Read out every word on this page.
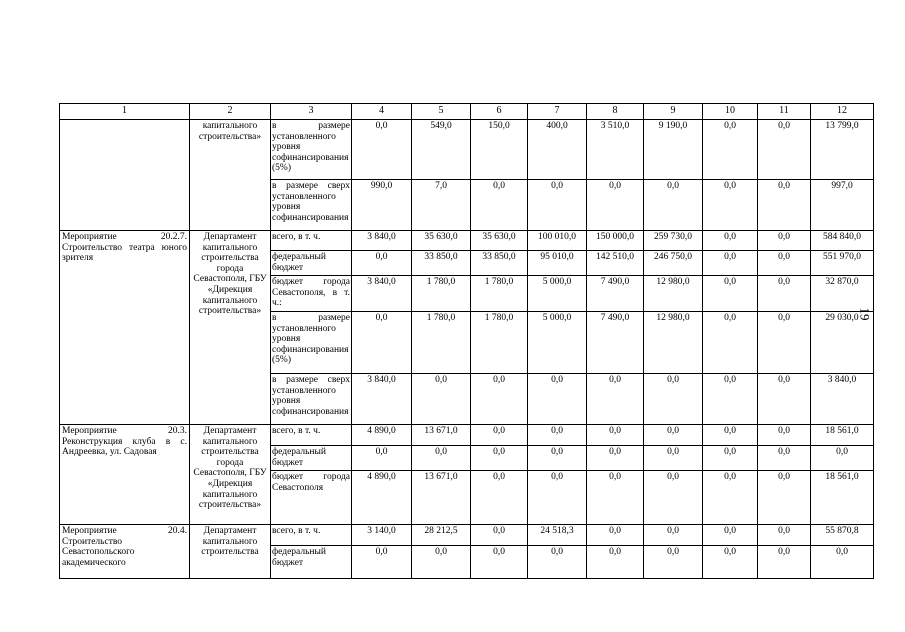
1	2	3	4	5	6	7	8	9	10	11	12
	капитального строительства»	в размере установленного уровня софинансирования (5%)	0,0	549,0	150,0	400,0	3 510,0	9 190,0	0,0	0,0	13 799,0
		в размере сверх установленного уровня софинансирования	990,0	7,0	0,0	0,0	0,0	0,0	0,0	0,0	997,0
Мероприятие 20.2.7. Строительство театра юного зрителя	Департамент капитального строительства города Севастополя, ГБУ «Дирекция капитального строительства»	всего, в т. ч.	3 840,0	35 630,0	35 630,0	100 010,0	150 000,0	259 730,0	0,0	0,0	584 840,0
		федеральный бюджет	0,0	33 850,0	33 850,0	95 010,0	142 510,0	246 750,0	0,0	0,0	551 970,0
		бюджет города Севастополя, в т. ч.:	3 840,0	1 780,0	1 780,0	5 000,0	7 490,0	12 980,0	0,0	0,0	32 870,0
		в размере установленного уровня софинансирования (5%)	0,0	1 780,0	1 780,0	5 000,0	7 490,0	12 980,0	0,0	0,0	29 030,0
		в размере сверх установленного уровня софинансирования	3 840,0	0,0	0,0	0,0	0,0	0,0	0,0	0,0	3 840,0
Мероприятие 20.3. Реконструкция клуба в с. Андреевка, ул. Садовая	Департамент капитального строительства города Севастополя, ГБУ «Дирекция капитального строительства»	всего, в т. ч.	4 890,0	13 671,0	0,0	0,0	0,0	0,0	0,0	0,0	18 561,0
		федеральный бюджет	0,0	0,0	0,0	0,0	0,0	0,0	0,0	0,0	0,0
		бюджет города Севастополя	4 890,0	13 671,0	0,0	0,0	0,0	0,0	0,0	0,0	18 561,0
Мероприятие 20.4. Строительство Севастопольского академического	Департамент капитального строительства	всего, в т. ч.	3 140,0	28 212,5	0,0	24 518,3	0,0	0,0	0,0	0,0	55 870,8
		федеральный бюджет	0,0	0,0	0,0	0,0	0,0	0,0	0,0	0,0	0,0
19
